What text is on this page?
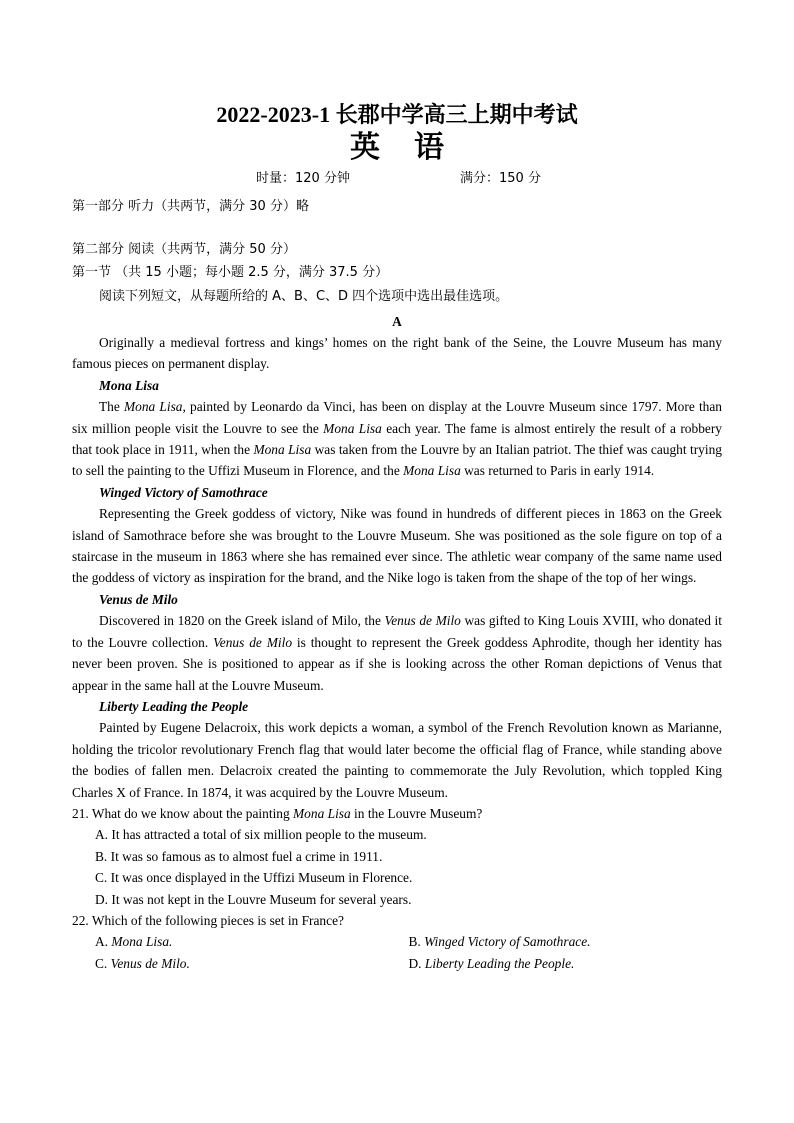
2022-2023-1 长郡中学高三上期中考试
英语
时量：120 分钟	满分：150 分
第一部分 听力（共两节，满分 30 分）略
第二部分 阅读（共两节，满分 50 分）
第一节 （共 15 小题；每小题 2.5 分，满分 37.5 分）
阅读下列短文，从每题所给的 A、B、C、D 四个选项中选出最佳选项。

A

Originally a medieval fortress and kings’ homes on the right bank of the Seine, the Louvre Museum has many famous pieces on permanent display.

Mona Lisa

The Mona Lisa, painted by Leonardo da Vinci, has been on display at the Louvre Museum since 1797. More than six million people visit the Louvre to see the Mona Lisa each year. The fame is almost entirely the result of a robbery that took place in 1911, when the Mona Lisa was taken from the Louvre by an Italian patriot. The thief was caught trying to sell the painting to the Uffizi Museum in Florence, and the Mona Lisa was returned to Paris in early 1914.

Winged Victory of Samothrace

Representing the Greek goddess of victory, Nike was found in hundreds of different pieces in 1863 on the Greek island of Samothrace before she was brought to the Louvre Museum. She was positioned as the sole figure on top of a staircase in the museum in 1863 where she has remained ever since. The athletic wear company of the same name used the goddess of victory as inspiration for the brand, and the Nike logo is taken from the shape of the top of her wings.

Venus de Milo

Discovered in 1820 on the Greek island of Milo, the Venus de Milo was gifted to King Louis XVIII, who donated it to the Louvre collection. Venus de Milo is thought to represent the Greek goddess Aphrodite, though her identity has never been proven. She is positioned to appear as if she is looking across the other Roman depictions of Venus that appear in the same hall at the Louvre Museum.

Liberty Leading the People

Painted by Eugene Delacroix, this work depicts a woman, a symbol of the French Revolution known as Marianne, holding the tricolor revolutionary French flag that would later become the official flag of France, while standing above the bodies of fallen men. Delacroix created the painting to commemorate the July Revolution, which toppled King Charles X of France. In 1874, it was acquired by the Louvre Museum.

21. What do we know about the painting Mona Lisa in the Louvre Museum?

A. It has attracted a total of six million people to the museum.

B. It was so famous as to almost fuel a crime in 1911.

C. It was once displayed in the Uffizi Museum in Florence.

D. It was not kept in the Louvre Museum for several years.

22. Which of the following pieces is set in France?

A. Mona Lisa.	B. Winged Victory of Samothrace.
C. Venus de Milo.	D. Liberty Leading the People.
